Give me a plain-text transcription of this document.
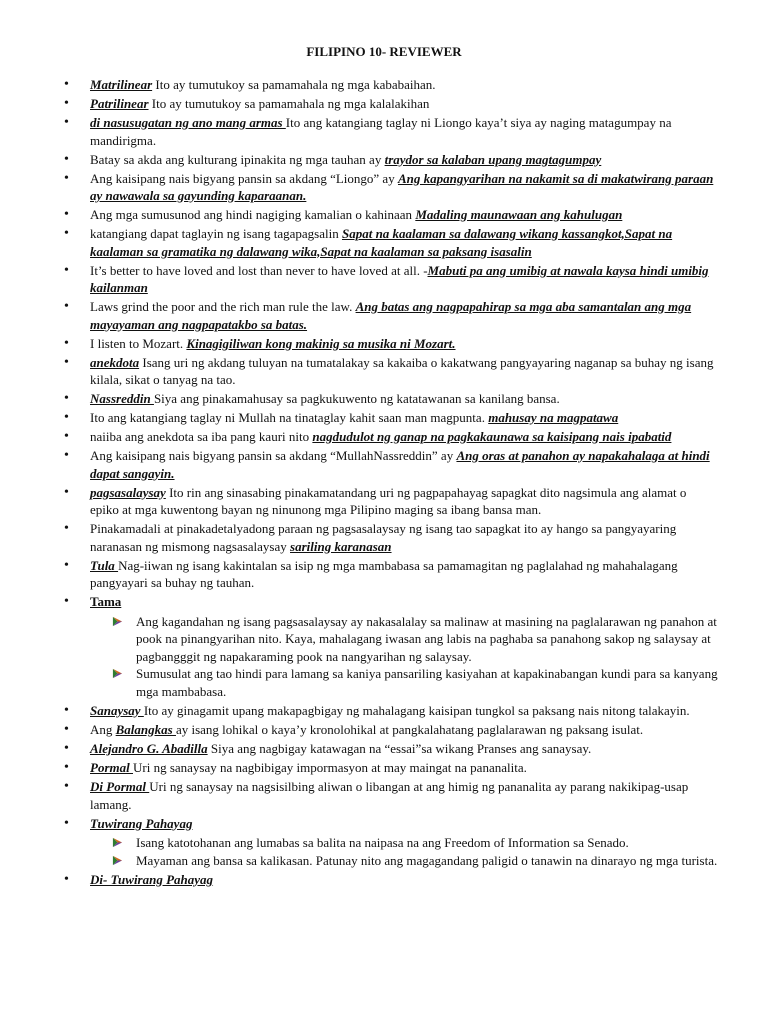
FILIPINO 10- REVIEWER
• Matrilinear Ito ay tumutukoy sa pamamahala ng mga kababaihan.
• Patrilinear Ito ay tumutukoy sa pamamahala ng mga kalalakihan
• di nasusugatan ng ano mang armas Ito ang katangiang taglay ni Liongo kaya’t siya ay naging matagumpay na mandirigma.
• Batay sa akda ang kulturang ipinakita ng mga tauhan ay traydor sa kalaban upang magtagumpay
• Ang kaisipang nais bigyang pansin sa akdang “Liongo” ay Ang kapangyarihan na nakamit sa di makatwirang paraan ay nawawala sa gayunding kaparaanan.
• Ang mga sumusunod ang hindi nagiging kamalian o kahinaan Madaling maunawaan ang kahulugan
• katangiang dapat taglayin ng isang tagapagsalin Sapat na kaalaman sa dalawang wikang kassangkot,Sapat na kaalaman sa gramatika ng dalawang wika,Sapat na kaalaman sa paksang isasalin
• It’s better to have loved and lost than never to have loved at all. -Mabuti pa ang umibig at nawala kaysa hindi umibig kailanman
• Laws grind the poor and the rich man rule the law. Ang batas ang nagpapahirap sa mga aba samantalan ang mga mayayaman ang nagpapatakbo sa batas.
• I listen to Mozart. Kinagigiliwan kong makinig sa musika ni Mozart.
• anekdota Isang uri ng akdang tuluyan na tumatalakay sa kakaiba o kakatwang pangyayaring naganap sa buhay ng isang kilala, sikat o tanyag na tao.
• Nassreddin Siya ang pinakamahusay sa pagkukuwento ng katatawanan sa kanilang bansa.
• Ito ang katangiang taglay ni Mullah na tinataglay kahit saan man magpunta. mahusay na magpatawa
• naiiba ang anekdota sa iba pang kauri nito nagdudulot ng ganap na pagkakaunawa sa kaisipang nais ipabatid
• Ang kaisipang nais bigyang pansin sa akdang “MullahNassreddin” ay Ang oras at panahon ay napakahalaga at hindi dapat sangayin.
• pagsasalaysay Ito rin ang sinasabing pinakamatandang uri ng pagpapahayag sapagkat dito nagsimula ang alamat o epiko at mga kuwentong bayan ng ninunong mga Pilipino maging sa ibang bansa man.
• Pinakamadali at pinakadetalyadong paraan ng pagsasalaysay ng isang tao sapagkat ito ay hango sa pangyayaring naranasan ng mismong nagsasalaysay sariling karanasan
• Tula Nag-iiwan ng isang kakintalan sa isip ng mga mambabasa sa pamamagitan ng paglalahad ng mahahalagang pangyayari sa buhay ng tauhan.
• Tama
Ang kagandahan ng isang pagsasalaysay ay nakasalalay sa malinaw at masining na paglalarawan ng panahon at pook na pinangyarihan nito. Kaya, mahalagang iwasan ang labis na paghaba sa panahong sakop ng salaysay at pagbangggit ng napakaraming pook na nangyarihan ng salaysay.
Sumusulat ang tao hindi para lamang sa kaniya pansariling kasiyahan at kapakinabangan kundi para sa kanyang mga mambabasa.
• Sanaysay Ito ay ginagamit upang makapagbigay ng mahalagang kaisipan tungkol sa paksang nais nitong talakayin.
• Ang Balangkas ay isang lohikal o kaya’y kronolohikal at pangkalahatang paglalarawan ng paksang isulat.
• Alejandro G. Abadilla Siya ang nagbigay katawagan na “essai”sa wikang Pranses ang sanaysay.
• Pormal Uri ng sanaysay na nagbibigay impormasyon at may maingat na pananalita.
• Di Pormal Uri ng sanaysay na nagsisilbing aliwan o libangan at ang himig ng pananalita ay parang nakikipag-usap lamang.
• Tuwirang Pahayag
Isang katotohanan ang lumabas sa balita na naipasa na ang Freedom of Information sa Senado.
Mayaman ang bansa sa kalikasan. Patunay nito ang magagandang paligid o tanawin na dinarayo ng mga turista.
• Di- Tuwirang Pahayag
